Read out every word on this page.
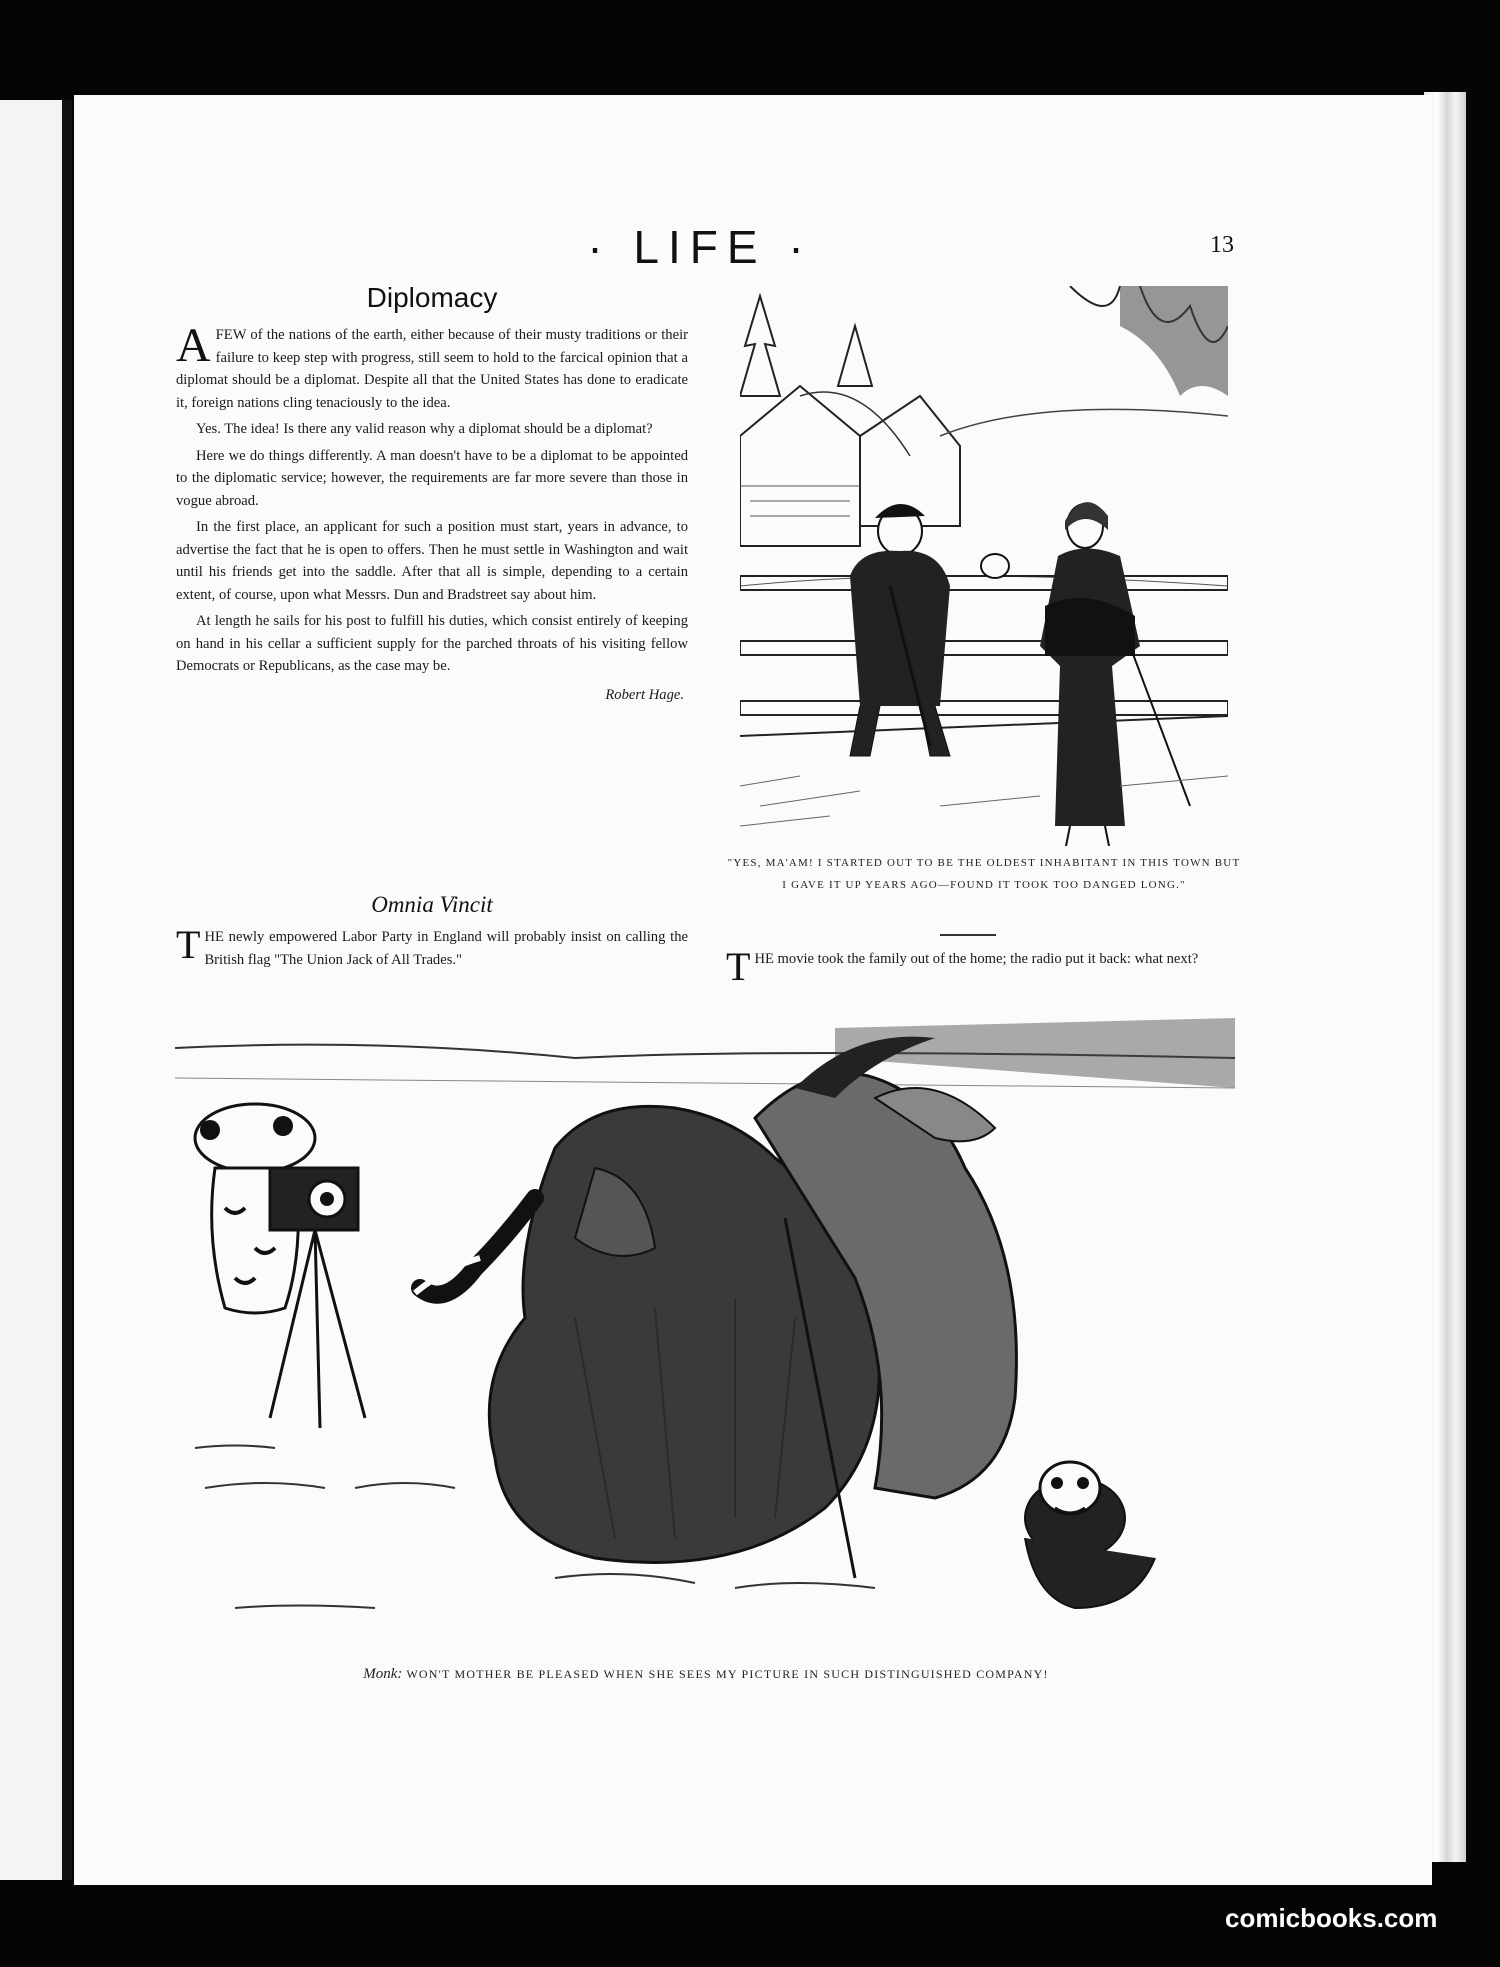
· LIFE ·	13
Diplomacy

AFEW of the nations of the earth, either because of their musty traditions or their failure to keep step with progress, still seem to hold to the farcical opinion that a diplomat should be a diplomat. Despite all that the United States has done to eradicate it, foreign nations cling tenaciously to the idea.

Yes. The idea! Is there any valid reason why a diplomat should be a diplomat?

Here we do things differently. A man doesn't have to be a diplomat to be appointed to the diplomatic service; however, the requirements are far more severe than those in vogue abroad.

In the first place, an applicant for such a position must start, years in advance, to advertise the fact that he is open to offers. Then he must settle in Washington and wait until his friends get into the saddle. After that all is simple, depending to a certain extent, of course, upon what Messrs. Dun and Bradstreet say about him.

At length he sails for his post to fulfill his duties, which consist entirely of keeping on hand in his cellar a sufficient supply for the parched throats of his visiting fellow Democrats or Republicans, as the case may be.

Robert Hage.
Omnia Vincit

THE newly empowered Labor Party in England will probably insist on calling the British flag "The Union Jack of All Trades."

"YES, MA'AM! I STARTED OUT TO BE THE OLDEST INHABITANT IN THIS TOWN BUT I GAVE IT UP YEARS AGO—FOUND IT TOOK TOO DANGED LONG."

THE movie took the family out of the home; the radio put it back: what next?

Monk: WON'T MOTHER BE PLEASED WHEN SHE SEES MY PICTURE IN SUCH DISTINGUISHED COMPANY!
comicbooks.com
